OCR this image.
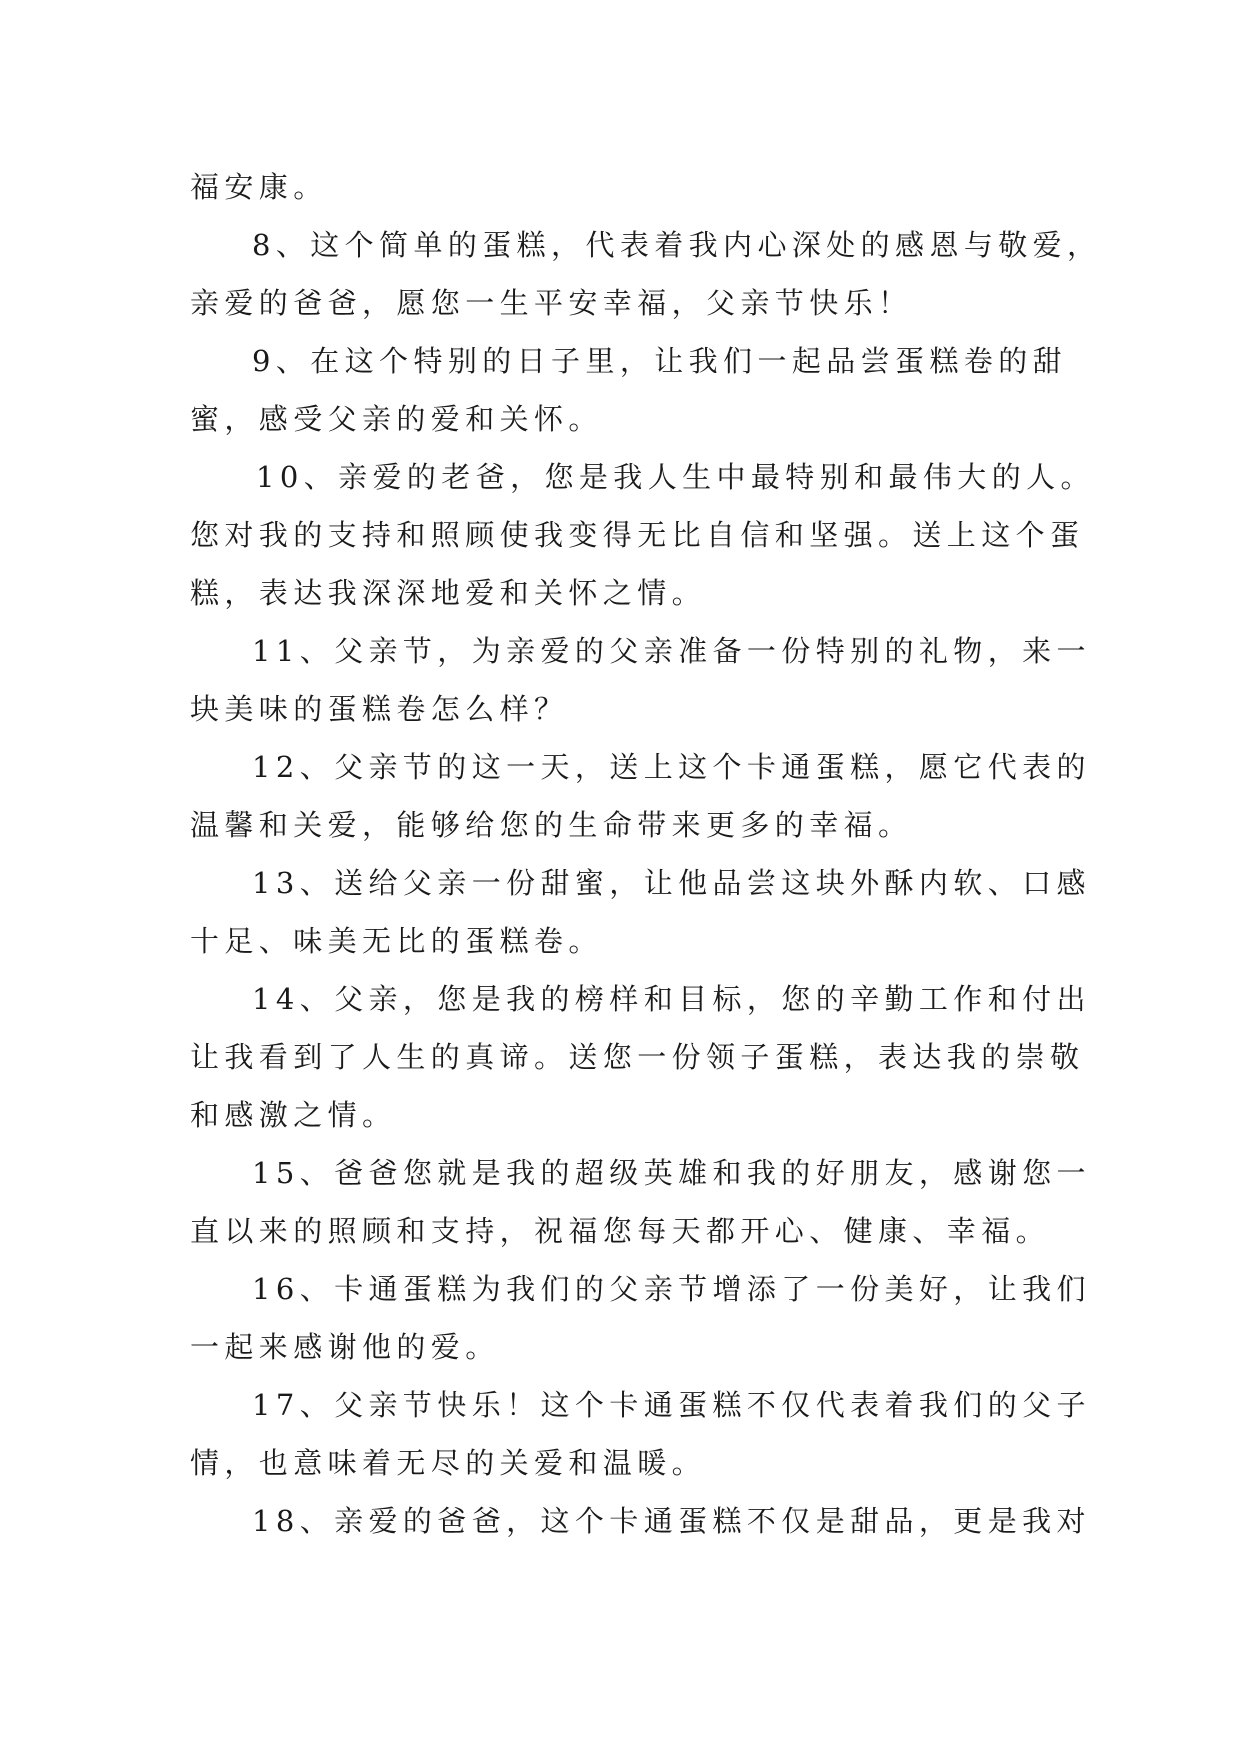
福安康。
8、这个简单的蛋糕，代表着我内心深处的感恩与敬爱，
亲爱的爸爸，愿您一生平安幸福，父亲节快乐！
9、在这个特别的日子里，让我们一起品尝蛋糕卷的甜
蜜，感受父亲的爱和关怀。
10、亲爱的老爸，您是我人生中最特别和最伟大的人。
您对我的支持和照顾使我变得无比自信和坚强。送上这个蛋
糕，表达我深深地爱和关怀之情。
11、父亲节，为亲爱的父亲准备一份特别的礼物，来一
块美味的蛋糕卷怎么样？
12、父亲节的这一天，送上这个卡通蛋糕，愿它代表的
温馨和关爱，能够给您的生命带来更多的幸福。
13、送给父亲一份甜蜜，让他品尝这块外酥内软、口感
十足、味美无比的蛋糕卷。
14、父亲，您是我的榜样和目标，您的辛勤工作和付出
让我看到了人生的真谛。送您一份领子蛋糕，表达我的崇敬
和感激之情。
15、爸爸您就是我的超级英雄和我的好朋友，感谢您一
直以来的照顾和支持，祝福您每天都开心、健康、幸福。
16、卡通蛋糕为我们的父亲节增添了一份美好，让我们
一起来感谢他的爱。
17、父亲节快乐！这个卡通蛋糕不仅代表着我们的父子
情，也意味着无尽的关爱和温暖。
18、亲爱的爸爸，这个卡通蛋糕不仅是甜品，更是我对
